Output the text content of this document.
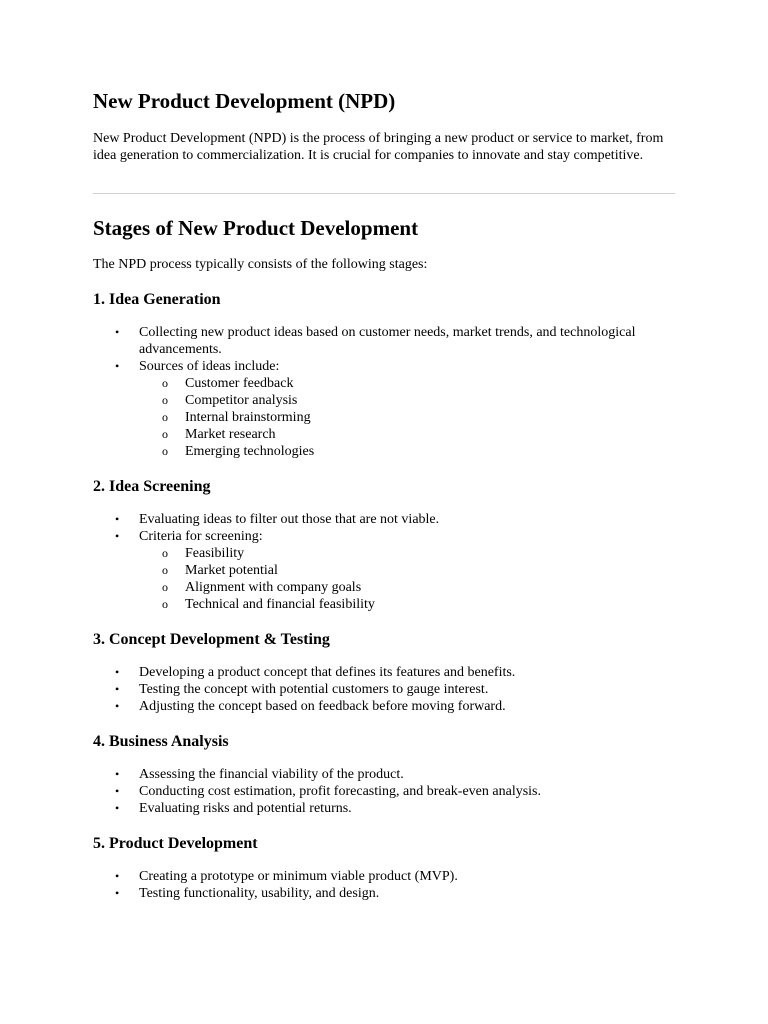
New Product Development (NPD)

New Product Development (NPD) is the process of bringing a new product or service to market, from idea generation to commercialization. It is crucial for companies to innovate and stay competitive.

Stages of New Product Development

The NPD process typically consists of the following stages:

1. Idea Generation
• Collecting new product ideas based on customer needs, market trends, and technological advancements.
• Sources of ideas include:
o Customer feedback
o Competitor analysis
o Internal brainstorming
o Market research
o Emerging technologies
2. Idea Screening
• Evaluating ideas to filter out those that are not viable.
• Criteria for screening:
o Feasibility
o Market potential
o Alignment with company goals
o Technical and financial feasibility
3. Concept Development & Testing
• Developing a product concept that defines its features and benefits.
• Testing the concept with potential customers to gauge interest.
• Adjusting the concept based on feedback before moving forward.
4. Business Analysis
• Assessing the financial viability of the product.
• Conducting cost estimation, profit forecasting, and break-even analysis.
• Evaluating risks and potential returns.
5. Product Development
• Creating a prototype or minimum viable product (MVP).
• Testing functionality, usability, and design.
